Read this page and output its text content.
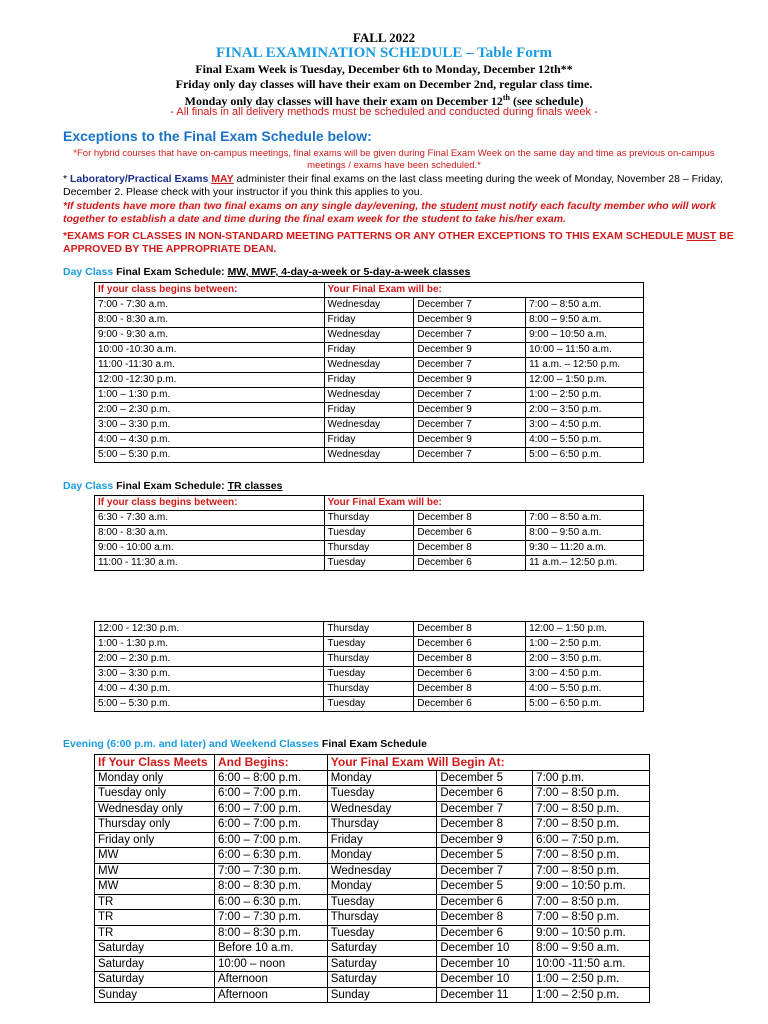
FALL 2022
FINAL EXAMINATION SCHEDULE – Table Form
Final Exam Week is Tuesday, December 6th to Monday, December 12th**
Friday only day classes will have their exam on December 2nd, regular class time.
Monday only day classes will have their exam on December 12th (see schedule)
- All finals in all delivery methods must be scheduled and conducted during finals week -
Exceptions to the Final Exam Schedule below:
*For hybrid courses that have on-campus meetings, final exams will be given during Final Exam Week on the same day and time as previous on-campus meetings / exams have been scheduled.*
* Laboratory/Practical Exams MAY administer their final exams on the last class meeting during the week of Monday, November 28 – Friday, December 2. Please check with your instructor if you think this applies to you.
*If students have more than two final exams on any single day/evening, the student must notify each faculty member who will work together to establish a date and time during the final exam week for the student to take his/her exam.
*EXAMS FOR CLASSES IN NON-STANDARD MEETING PATTERNS OR ANY OTHER EXCEPTIONS TO THIS EXAM SCHEDULE MUST BE APPROVED BY THE APPROPRIATE DEAN.
Day Class Final Exam Schedule: MW, MWF, 4-day-a-week or 5-day-a-week classes
If your class begins between:	Your Final Exam will be:		
7:00 - 7:30 a.m.	Wednesday	December 7	7:00 – 8:50 a.m.
8:00 - 8:30 a.m.	Friday	December 9	8:00 – 9:50 a.m.
9:00 - 9:30 a.m.	Wednesday	December 7	9:00 – 10:50 a.m.
10:00 -10:30 a.m.	Friday	December 9	10:00 – 11:50 a.m.
11:00 -11:30 a.m.	Wednesday	December 7	11 a.m. – 12:50 p.m.
12:00 -12:30 p.m.	Friday	December 9	12:00 – 1:50 p.m.
1:00 – 1:30 p.m.	Wednesday	December 7	1:00 – 2:50 p.m.
2:00 – 2:30 p.m.	Friday	December 9	2:00 – 3:50 p.m.
3:00 – 3:30 p.m.	Wednesday	December 7	3:00 – 4:50 p.m.
4:00 – 4:30 p.m.	Friday	December 9	4:00 – 5:50 p.m.
5:00 – 5:30 p.m.	Wednesday	December 7	5:00 – 6:50 p.m.
Day Class Final Exam Schedule: TR classes
If your class begins between:	Your Final Exam will be:		
6:30 - 7:30 a.m.	Thursday	December 8	7:00 – 8:50 a.m.
8:00 - 8:30 a.m.	Tuesday	December 6	8:00 – 9:50 a.m.
9:00 - 10:00 a.m.	Thursday	December 8	9:30 – 11:20 a.m.
11:00 - 11:30 a.m.	Tuesday	December 6	11 a.m.– 12:50 p.m.
12:00 - 12:30 p.m.	Thursday	December 8	12:00 – 1:50 p.m.
1:00 - 1:30 p.m.	Tuesday	December 6	1:00 – 2:50 p.m.
2:00 – 2:30 p.m.	Thursday	December 8	2:00 – 3:50 p.m.
3:00 – 3:30 p.m.	Tuesday	December 6	3:00 – 4:50 p.m.
4:00 – 4:30 p.m.	Thursday	December 8	4:00 – 5:50 p.m.
5:00 – 5:30 p.m.	Tuesday	December 6	5:00 – 6:50 p.m.
Evening (6:00 p.m. and later) and Weekend Classes Final Exam Schedule
If Your Class Meets	And Begins:	Your Final Exam Will Begin At:		
Monday only	6:00 – 8:00 p.m.	Monday	December 5	7:00 p.m.
Tuesday only	6:00 – 7:00 p.m.	Tuesday	December 6	7:00 – 8:50 p.m.
Wednesday only	6:00 – 7:00 p.m.	Wednesday	December 7	7:00 – 8:50 p.m.
Thursday only	6:00 – 7:00 p.m.	Thursday	December 8	7:00 – 8:50 p.m.
Friday only	6:00 – 7:00 p.m.	Friday	December 9	6:00 – 7:50 p.m.
MW	6:00 – 6:30 p.m.	Monday	December 5	7:00 – 8:50 p.m.
MW	7:00 – 7:30 p.m.	Wednesday	December 7	7:00 – 8:50 p.m.
MW	8:00 – 8:30 p.m.	Monday	December 5	9:00 – 10:50 p.m.
TR	6:00 – 6:30 p.m.	Tuesday	December 6	7:00 – 8:50 p.m.
TR	7:00 – 7:30 p.m.	Thursday	December 8	7:00 – 8:50 p.m.
TR	8:00 – 8:30 p.m.	Tuesday	December 6	9:00 – 10:50 p.m.
Saturday	Before 10 a.m.	Saturday	December 10	8:00 – 9:50 a.m.
Saturday	10:00 – noon	Saturday	December 10	10:00 -11:50 a.m.
Saturday	Afternoon	Saturday	December 10	1:00 – 2:50 p.m.
Sunday	Afternoon	Sunday	December 11	1:00 – 2:50 p.m.
